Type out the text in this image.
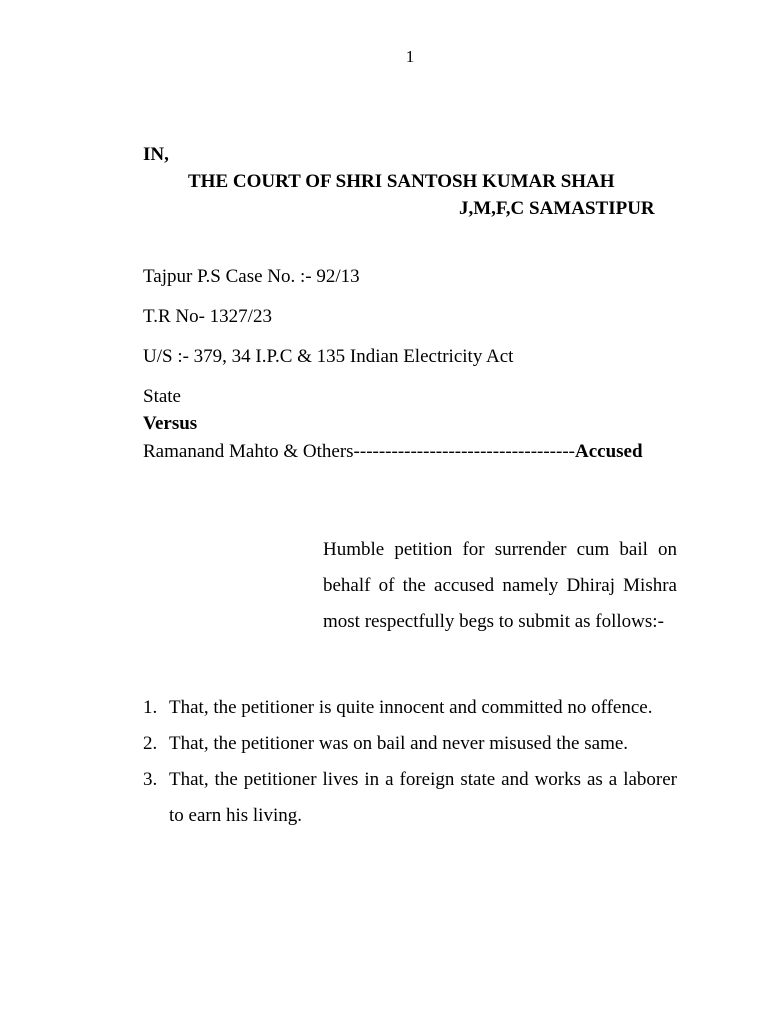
1
IN,
THE COURT OF SHRI SANTOSH KUMAR SHAH
J,M,F,C SAMASTIPUR
Tajpur P.S Case No. :- 92/13
T.R No- 1327/23
U/S :- 379, 34 I.P.C & 135 Indian Electricity Act
State
Versus
Ramanand Mahto & Others-----------------------------------Accused
Humble petition for surrender cum bail on behalf of the accused namely Dhiraj Mishra most respectfully begs to submit as follows:-
1. That, the petitioner is quite innocent and committed no offence.
2. That, the petitioner was on bail and never misused the same.
3. That, the petitioner lives in a foreign state and works as a laborer to earn his living.
